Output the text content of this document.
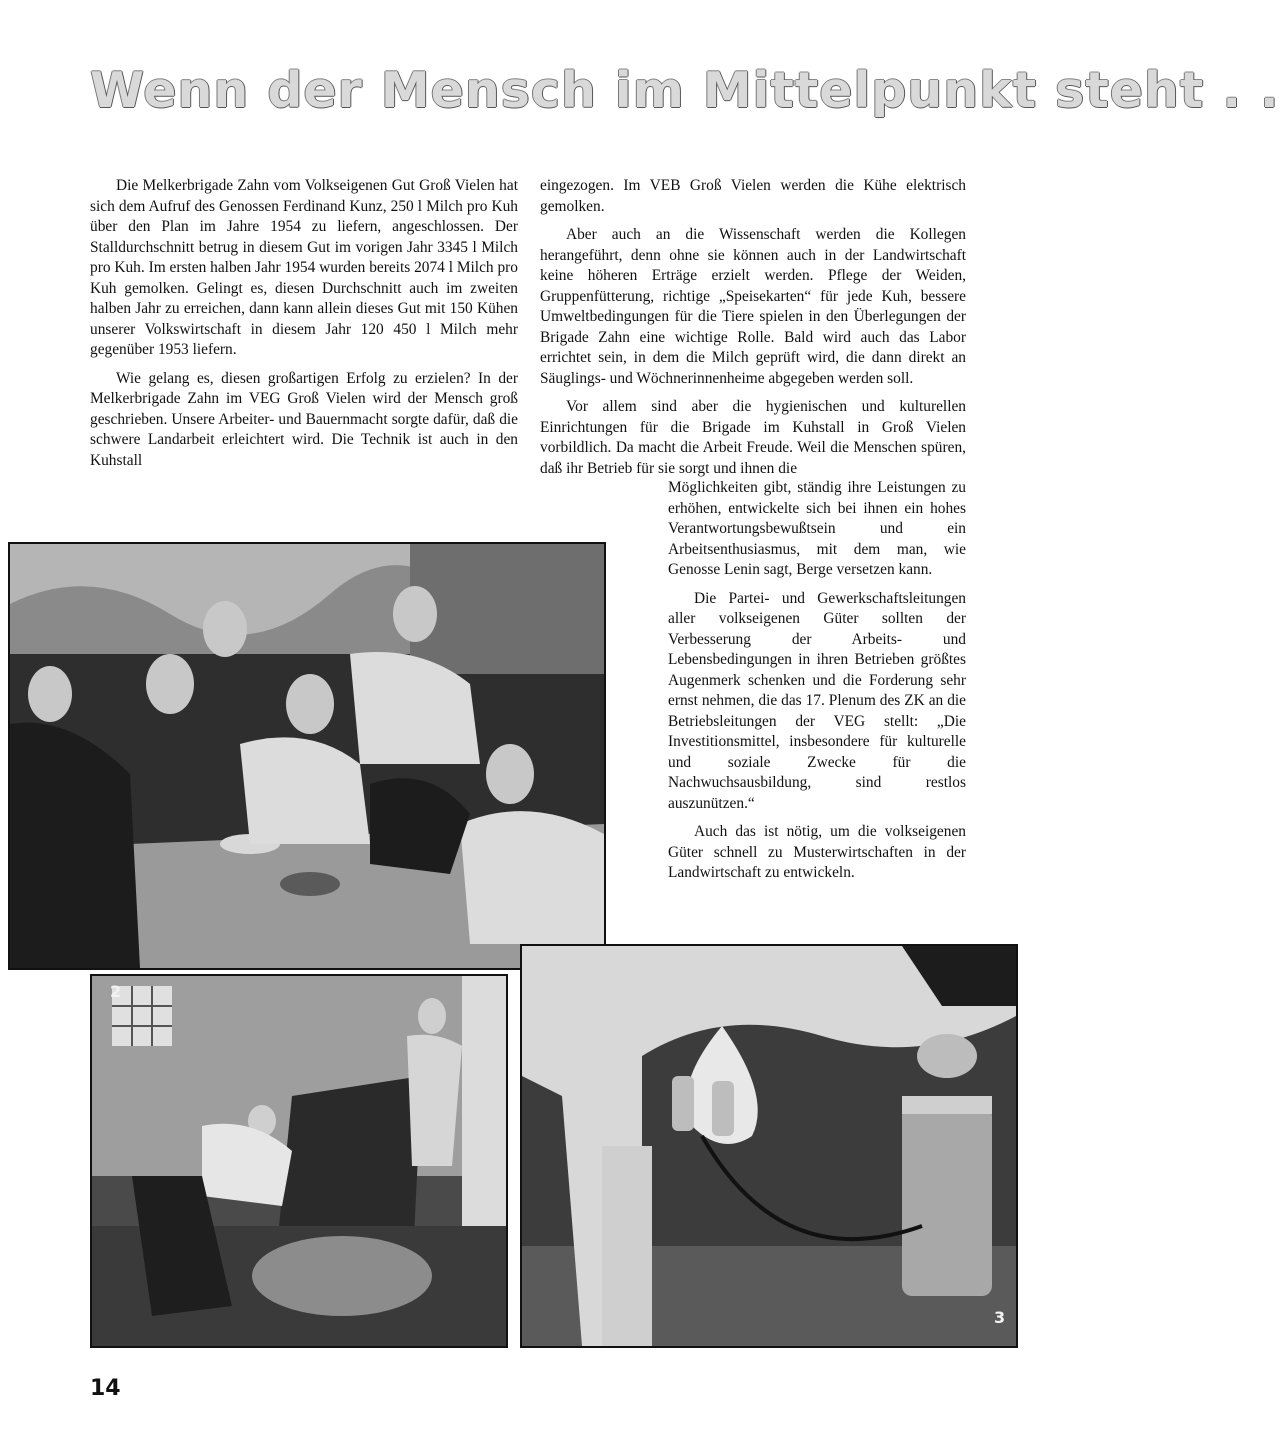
Wenn der Mensch im Mittelpunkt steht . .

Die Melkerbrigade Zahn vom Volkseigenen Gut Groß Vielen hat sich dem Aufruf des Genossen Ferdinand Kunz, 250 l Milch pro Kuh über den Plan im Jahre 1954 zu liefern, angeschlossen. Der Stalldurchschnitt betrug in diesem Gut im vorigen Jahr 3345 l Milch pro Kuh. Im ersten halben Jahr 1954 wurden bereits 2074 l Milch pro Kuh gemolken. Gelingt es, diesen Durchschnitt auch im zweiten halben Jahr zu erreichen, dann kann allein dieses Gut mit 150 Kühen unserer Volkswirtschaft in diesem Jahr 120 450 l Milch mehr gegenüber 1953 liefern.

Wie gelang es, diesen großartigen Erfolg zu erzielen? In der Melkerbrigade Zahn im VEG Groß Vielen wird der Mensch groß geschrieben. Unsere Arbeiter- und Bauernmacht sorgte dafür, daß die schwere Landarbeit erleichtert wird. Die Technik ist auch in den Kuhstall

eingezogen. Im VEB Groß Vielen werden die Kühe elektrisch gemolken.

Aber auch an die Wissenschaft werden die Kollegen herangeführt, denn ohne sie können auch in der Landwirtschaft keine höheren Erträge erzielt werden. Pflege der Weiden, Gruppenfütterung, richtige „Speisekarten“ für jede Kuh, bessere Umweltbedingungen für die Tiere spielen in den Überlegungen der Brigade Zahn eine wichtige Rolle. Bald wird auch das Labor errichtet sein, in dem die Milch geprüft wird, die dann direkt an Säuglings- und Wöchnerinnenheime abgegeben werden soll.

Vor allem sind aber die hygienischen und kulturellen Einrichtungen für die Brigade im Kuhstall in Groß Vielen vorbildlich. Da macht die Arbeit Freude. Weil die Menschen spüren, daß ihr Betrieb für sie sorgt und ihnen die

Möglichkeiten gibt, ständig ihre Leistungen zu erhöhen, entwickelte sich bei ihnen ein hohes Verantwortungsbewußtsein und ein Arbeitsenthusiasmus, mit dem man, wie Genosse Lenin sagt, Berge versetzen kann.

Die Partei- und Gewerkschaftsleitungen aller volkseigenen Güter sollten der Verbesserung der Arbeits- und Lebensbedingungen in ihren Betrieben größtes Augenmerk schenken und die Forderung sehr ernst nehmen, die das 17. Plenum des ZK an die Betriebsleitungen der VEG stellt: „Die Investitionsmittel, insbesondere für kulturelle und soziale Zwecke für die Nachwuchsausbildung, sind restlos auszunützen.“

Auch das ist nötig, um die volkseigenen Güter schnell zu Musterwirtschaften in der Landwirtschaft zu entwickeln.

2
3
14
